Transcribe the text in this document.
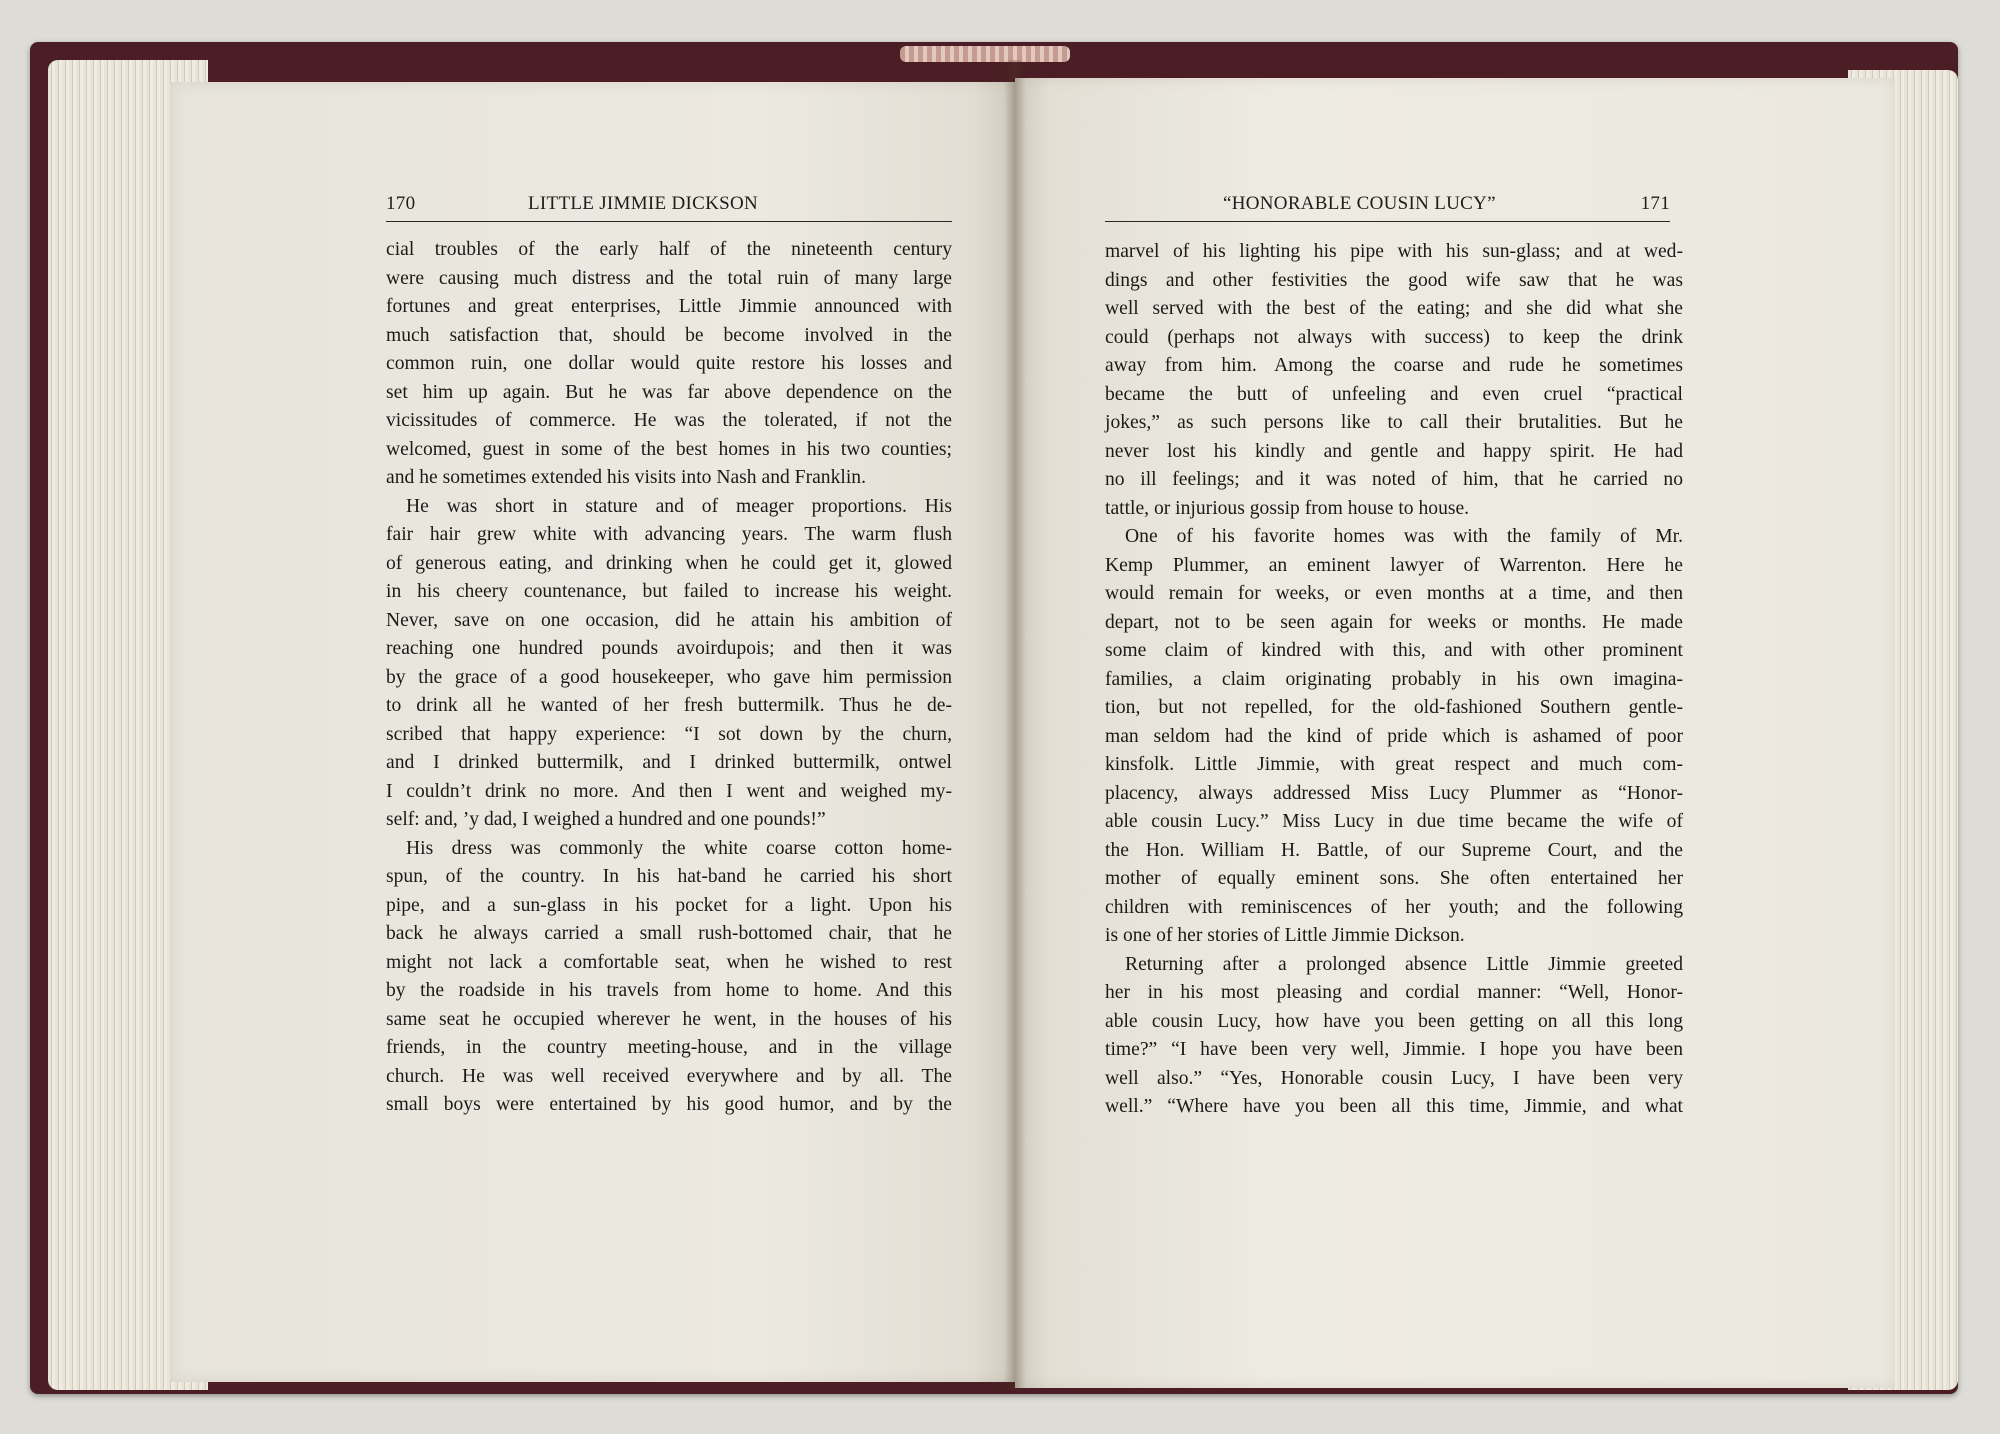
170	LITTLE JIMMIE DICKSON	“HONORABLE COUSIN LUCY”	171
cial troubles of the early half of the nineteenth century
were causing much distress and the total ruin of many large
fortunes and great enterprises, Little Jimmie announced with
much satisfaction that, should be become involved in the
common ruin, one dollar would quite restore his losses and
set him up again. But he was far above dependence on the
vicissitudes of commerce. He was the tolerated, if not the
welcomed, guest in some of the best homes in his two counties;
and he sometimes extended his visits into Nash and Franklin.
He was short in stature and of meager proportions. His
fair hair grew white with advancing years. The warm flush
of generous eating, and drinking when he could get it, glowed
in his cheery countenance, but failed to increase his weight.
Never, save on one occasion, did he attain his ambition of
reaching one hundred pounds avoirdupois; and then it was
by the grace of a good housekeeper, who gave him permission
to drink all he wanted of her fresh buttermilk. Thus he de-
scribed that happy experience: “I sot down by the churn,
and I drinked buttermilk, and I drinked buttermilk, ontwel
I couldn’t drink no more. And then I went and weighed my-
self: and, ’y dad, I weighed a hundred and one pounds!”
His dress was commonly the white coarse cotton home-
spun, of the country. In his hat-band he carried his short
pipe, and a sun-glass in his pocket for a light. Upon his
back he always carried a small rush-bottomed chair, that he
might not lack a comfortable seat, when he wished to rest
by the roadside in his travels from home to home. And this
same seat he occupied wherever he went, in the houses of his
friends, in the country meeting-house, and in the village
church. He was well received everywhere and by all. The
small boys were entertained by his good humor, and by the
marvel of his lighting his pipe with his sun-glass; and at wed-
dings and other festivities the good wife saw that he was
well served with the best of the eating; and she did what she
could (perhaps not always with success) to keep the drink
away from him. Among the coarse and rude he sometimes
became the butt of unfeeling and even cruel “practical
jokes,” as such persons like to call their brutalities. But he
never lost his kindly and gentle and happy spirit. He had
no ill feelings; and it was noted of him, that he carried no
tattle, or injurious gossip from house to house.
One of his favorite homes was with the family of Mr.
Kemp Plummer, an eminent lawyer of Warrenton. Here he
would remain for weeks, or even months at a time, and then
depart, not to be seen again for weeks or months. He made
some claim of kindred with this, and with other prominent
families, a claim originating probably in his own imagina-
tion, but not repelled, for the old-fashioned Southern gentle-
man seldom had the kind of pride which is ashamed of poor
kinsfolk. Little Jimmie, with great respect and much com-
placency, always addressed Miss Lucy Plummer as “Honor-
able cousin Lucy.” Miss Lucy in due time became the wife of
the Hon. William H. Battle, of our Supreme Court, and the
mother of equally eminent sons. She often entertained her
children with reminiscences of her youth; and the following
is one of her stories of Little Jimmie Dickson.
Returning after a prolonged absence Little Jimmie greeted
her in his most pleasing and cordial manner: “Well, Honor-
able cousin Lucy, how have you been getting on all this long
time?” “I have been very well, Jimmie. I hope you have been
well also.” “Yes, Honorable cousin Lucy, I have been very
well.” “Where have you been all this time, Jimmie, and what
